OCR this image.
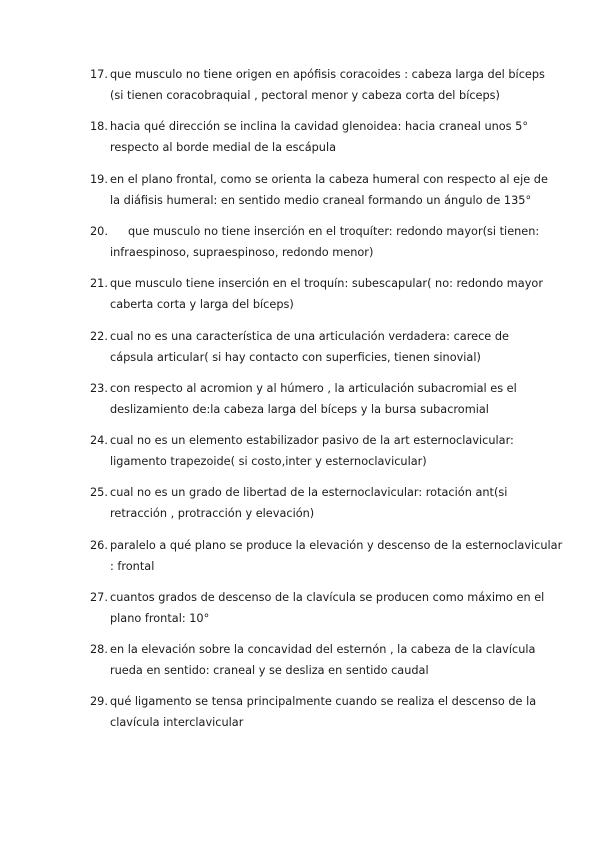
17. que musculo no tiene origen en apófisis coracoides : cabeza larga del bíceps
(si tienen coracobraquial , pectoral menor y cabeza corta del bíceps)
18. hacia qué dirección se inclina la cavidad glenoidea: hacia craneal unos 5°
respecto al borde medial de la escápula
19. en el plano frontal, como se orienta la cabeza humeral con respecto al eje de
la diáfisis humeral: en sentido medio craneal formando un ángulo de 135°
20. que musculo no tiene inserción en el troquíter: redondo mayor(si tienen:
infraespinoso, supraespinoso, redondo menor)
21. que musculo tiene inserción en el troquín: subescapular( no: redondo mayor
caberta corta y larga del bíceps)
22. cual no es una característica de una articulación verdadera: carece de
cápsula articular( si hay contacto con superficies, tienen sinovial)
23. con respecto al acromion y al húmero , la articulación subacromial es el
deslizamiento de:la cabeza larga del bíceps y la bursa subacromial
24. cual no es un elemento estabilizador pasivo de la art esternoclavicular:
ligamento trapezoide( si costo,inter y esternoclavicular)
25. cual no es un grado de libertad de la esternoclavicular: rotación ant(si
retracción , protracción y elevación)
26. paralelo a qué plano se produce la elevación y descenso de la esternoclavicular
: frontal
27. cuantos grados de descenso de la clavícula se producen como máximo en el
plano frontal: 10°
28. en la elevación sobre la concavidad del esternón , la cabeza de la clavícula
rueda en sentido: craneal y se desliza en sentido caudal
29. qué ligamento se tensa principalmente cuando se realiza el descenso de la
clavícula interclavicular
